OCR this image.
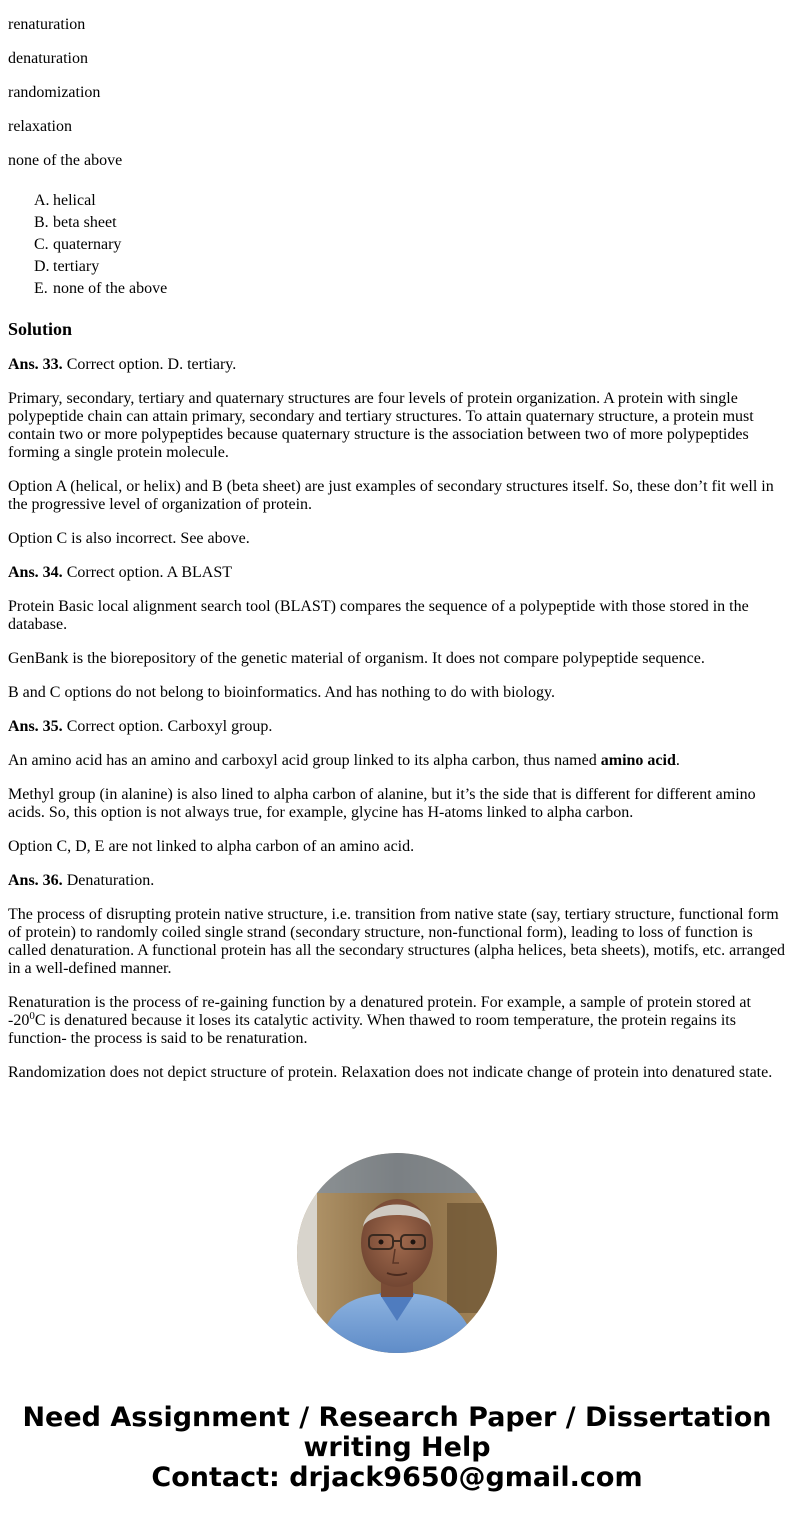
renaturation

denaturation

randomization

relaxation

none of the above

A. helical
B. beta sheet
C. quaternary
D. tertiary
E. none of the above
Solution

Ans. 33. Correct option. D. tertiary.

Primary, secondary, tertiary and quaternary structures are four levels of protein organization. A protein with single polypeptide chain can attain primary, secondary and tertiary structures. To attain quaternary structure, a protein must contain two or more polypeptides because quaternary structure is the association between two of more polypeptides forming a single protein molecule.

Option A (helical, or helix) and B (beta sheet) are just examples of secondary structures itself. So, these don’t fit well in the progressive level of organization of protein.

Option C is also incorrect. See above.

Ans. 34. Correct option. A BLAST

Protein Basic local alignment search tool (BLAST) compares the sequence of a polypeptide with those stored in the database.

GenBank is the biorepository of the genetic material of organism. It does not compare polypeptide sequence.

B and C options do not belong to bioinformatics. And has nothing to do with biology.

Ans. 35. Correct option. Carboxyl group.

An amino acid has an amino and carboxyl acid group linked to its alpha carbon, thus named amino acid.

Methyl group (in alanine) is also lined to alpha carbon of alanine, but it’s the side that is different for different amino acids. So, this option is not always true, for example, glycine has H-atoms linked to alpha carbon.

Option C, D, E are not linked to alpha carbon of an amino acid.

Ans. 36. Denaturation.

The process of disrupting protein native structure, i.e. transition from native state (say, tertiary structure, functional form of protein) to randomly coiled single strand (secondary structure, non-functional form), leading to loss of function is called denaturation. A functional protein has all the secondary structures (alpha helices, beta sheets), motifs, etc. arranged in a well-defined manner.

Renaturation is the process of re-gaining function by a denatured protein. For example, a sample of protein stored at $-20^0C$ is denatured because it loses its catalytic activity. When thawed to room temperature, the protein regains its function- the process is said to be renaturation.

Randomization does not depict structure of protein. Relaxation does not indicate change of protein into denatured state.

Need Assignment / Research Paper / Dissertation
writing Help
Contact: drjack9650@gmail.com
